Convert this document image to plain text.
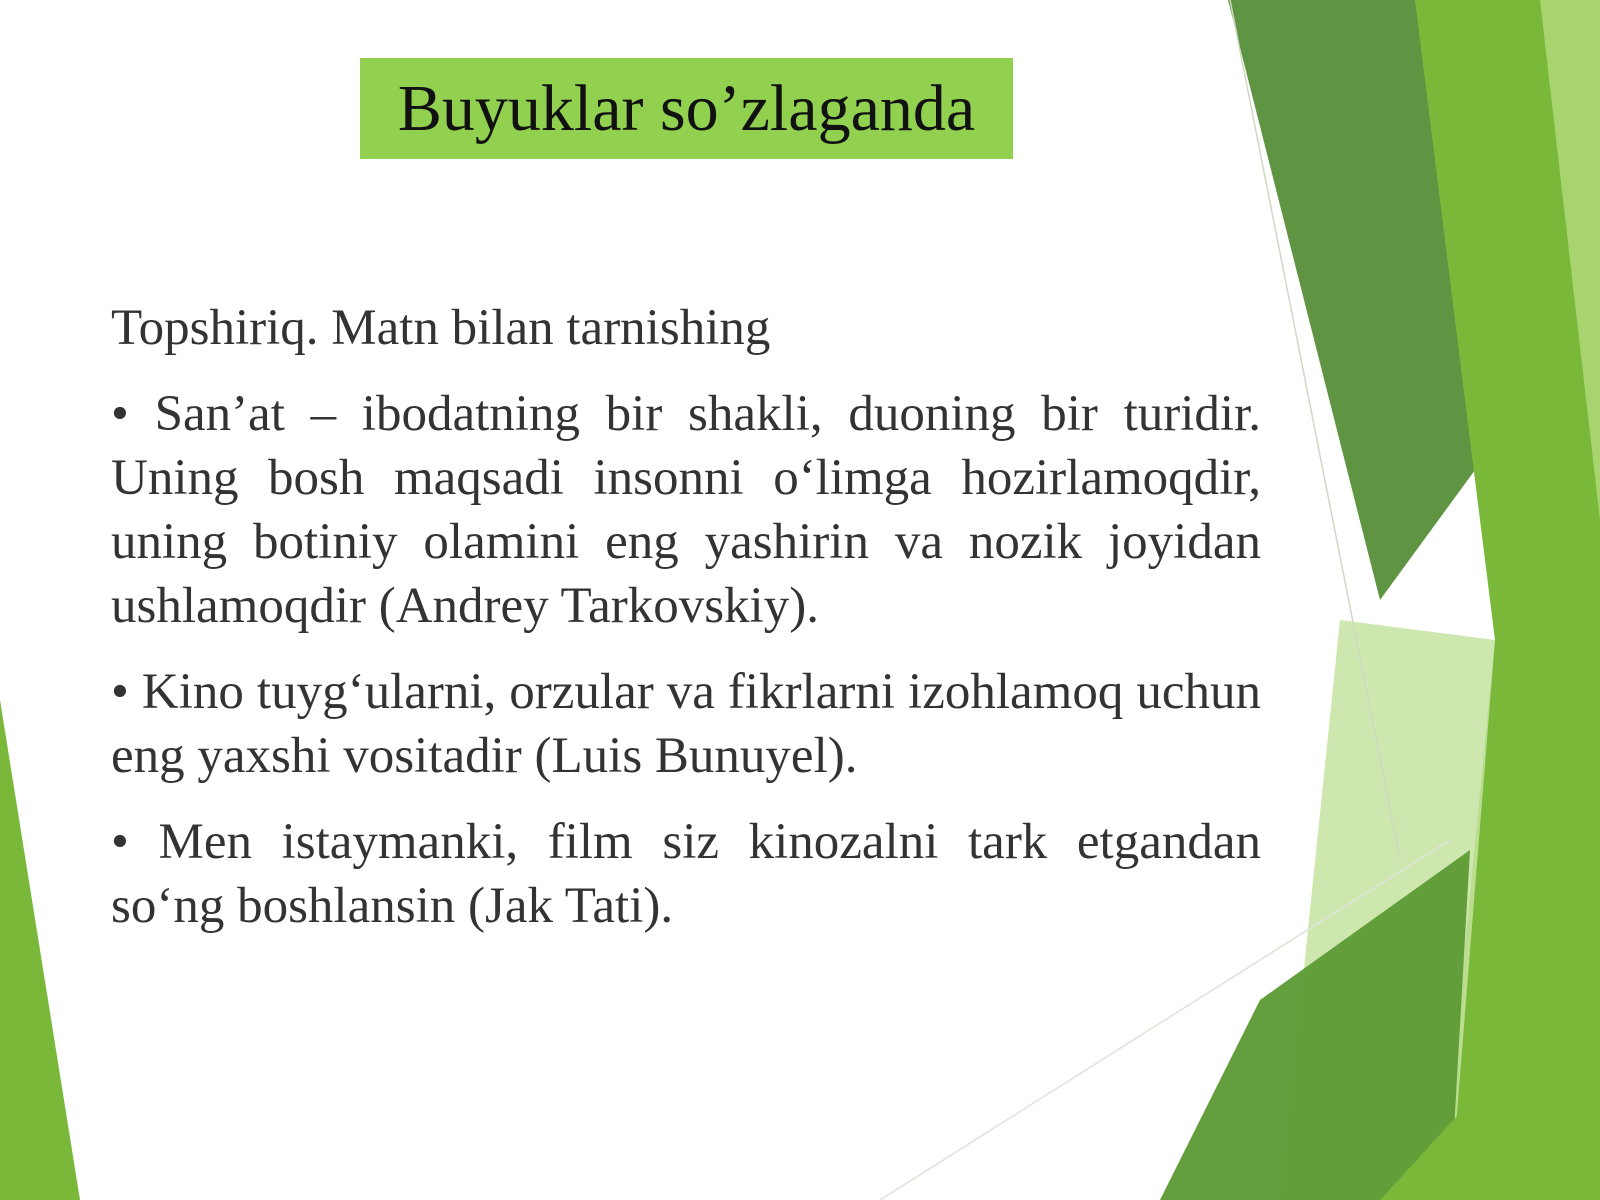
Buyuklar so’zlaganda

Topshiriq. Matn bilan tarnishing

• San’at – ibodatning bir shakli, duoning bir turidir. Uning bosh maqsadi insonni o‘limga hozirlamoqdir, uning botiniy olamini eng yashirin va nozik joyidan ushlamoqdir (Andrey Tarkovskiy).

• Kino tuyg‘ularni, orzular va fikrlarni izohlamoq uchun eng yaxshi vositadir (Luis Bunuyel).

• Men istaymanki, film siz kinozalni tark etgandan so‘ng boshlansin (Jak Tati).
